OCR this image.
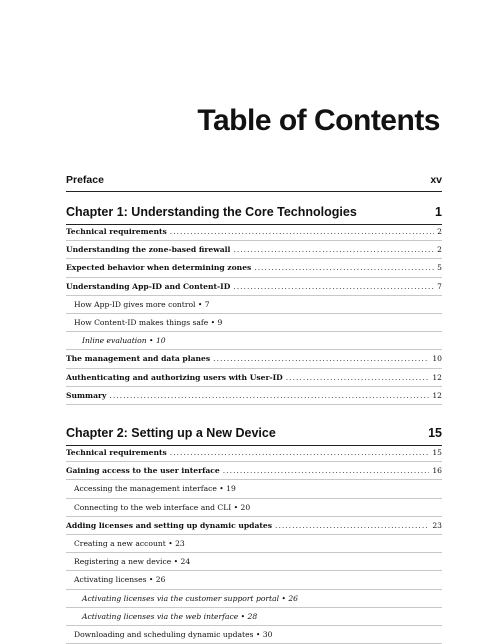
Table of Contents
Preface	xv
Chapter 1: Understanding the Core Technologies	1
Technical requirements .....	2
Understanding the zone-based firewall .....	2
Expected behavior when determining zones .....	5
Understanding App-ID and Content-ID .....	7
How App-ID gives more control • 7
How Content-ID makes things safe • 9
Inline evaluation • 10
The management and data planes .....	10
Authenticating and authorizing users with User-ID .....	12
Summary .....	12
Chapter 2: Setting up a New Device	15
Technical requirements .....	15
Gaining access to the user interface .....	16
Accessing the management interface • 19
Connecting to the web interface and CLI • 20
Adding licenses and setting up dynamic updates .....	23
Creating a new account • 23
Registering a new device • 24
Activating licenses • 26
Activating licenses via the customer support portal • 26
Activating licenses via the web interface • 28
Downloading and scheduling dynamic updates • 30
